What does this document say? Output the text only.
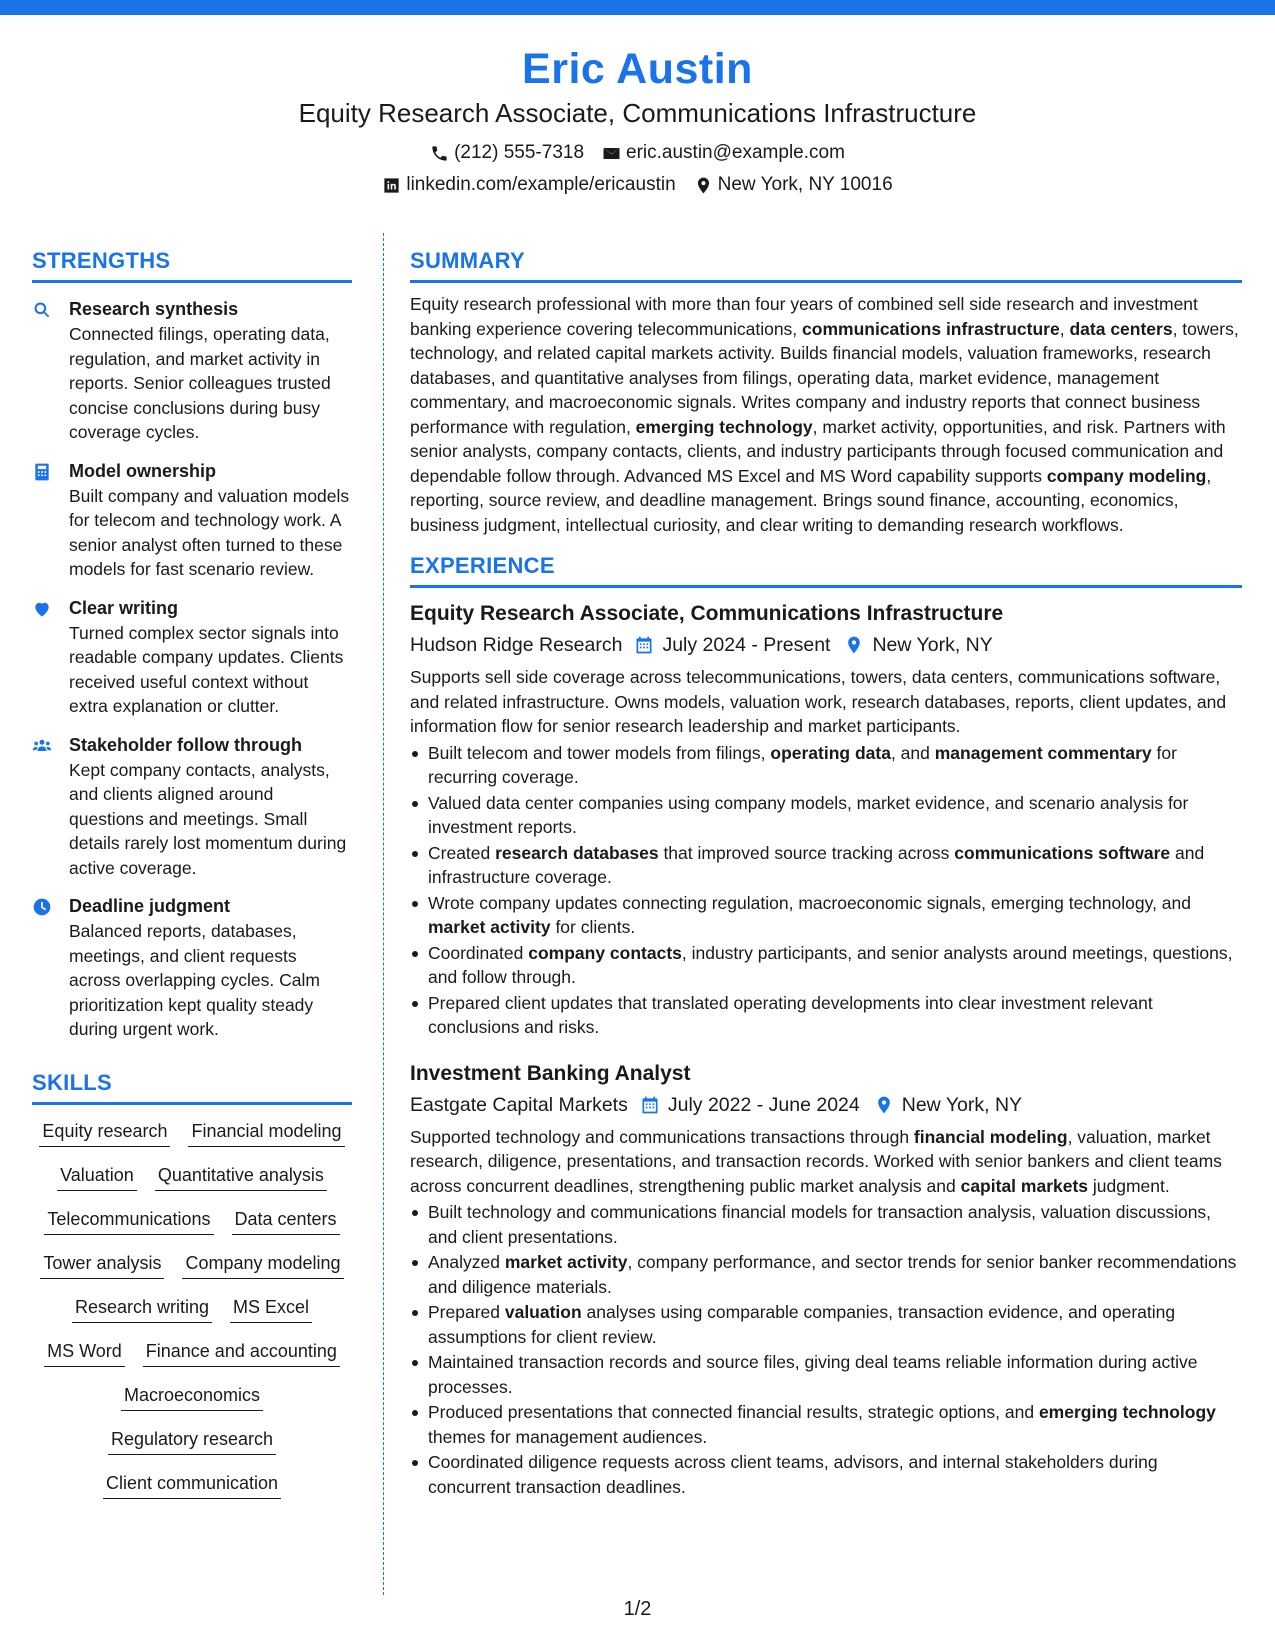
Eric Austin
Equity Research Associate, Communications Infrastructure
(212) 555-7318 eric.austin@example.com
linkedin.com/example/ericaustin New York, NY 10016
STRENGTHS
Research synthesis
Connected filings, operating data, regulation, and market activity in reports. Senior colleagues trusted concise conclusions during busy coverage cycles.
Model ownership
Built company and valuation models for telecom and technology work. A senior analyst often turned to these models for fast scenario review.
Clear writing
Turned complex sector signals into readable company updates. Clients received useful context without extra explanation or clutter.
Stakeholder follow through
Kept company contacts, analysts, and clients aligned around questions and meetings. Small details rarely lost momentum during active coverage.
Deadline judgment
Balanced reports, databases, meetings, and client requests across overlapping cycles. Calm prioritization kept quality steady during urgent work.
SKILLS
Equity research Financial modeling
Valuation Quantitative analysis
Telecommunications Data centers
Tower analysis Company modeling
Research writing MS Excel
MS Word Finance and accounting
Macroeconomics
Regulatory research
Client communication
SUMMARY
Equity research professional with more than four years of combined sell side research and investment banking experience covering telecommunications, communications infrastructure, data centers, towers, technology, and related capital markets activity. Builds financial models, valuation frameworks, research databases, and quantitative analyses from filings, operating data, market evidence, management commentary, and macroeconomic signals. Writes company and industry reports that connect business performance with regulation, emerging technology, market activity, opportunities, and risk. Partners with senior analysts, company contacts, clients, and industry participants through focused communication and dependable follow through. Advanced MS Excel and MS Word capability supports company modeling, reporting, source review, and deadline management. Brings sound finance, accounting, economics, business judgment, intellectual curiosity, and clear writing to demanding research workflows.
EXPERIENCE
Equity Research Associate, Communications Infrastructure
Hudson Ridge Research July 2024 - Present New York, NY
Supports sell side coverage across telecommunications, towers, data centers, communications software, and related infrastructure. Owns models, valuation work, research databases, reports, client updates, and information flow for senior research leadership and market participants.
Built telecom and tower models from filings, operating data, and management commentary for recurring coverage.
Valued data center companies using company models, market evidence, and scenario analysis for investment reports.
Created research databases that improved source tracking across communications software and infrastructure coverage.
Wrote company updates connecting regulation, macroeconomic signals, emerging technology, and market activity for clients.
Coordinated company contacts, industry participants, and senior analysts around meetings, questions, and follow through.
Prepared client updates that translated operating developments into clear investment relevant conclusions and risks.
Investment Banking Analyst
Eastgate Capital Markets July 2022 - June 2024 New York, NY
Supported technology and communications transactions through financial modeling, valuation, market research, diligence, presentations, and transaction records. Worked with senior bankers and client teams across concurrent deadlines, strengthening public market analysis and capital markets judgment.
Built technology and communications financial models for transaction analysis, valuation discussions, and client presentations.
Analyzed market activity, company performance, and sector trends for senior banker recommendations and diligence materials.
Prepared valuation analyses using comparable companies, transaction evidence, and operating assumptions for client review.
Maintained transaction records and source files, giving deal teams reliable information during active processes.
Produced presentations that connected financial results, strategic options, and emerging technology themes for management audiences.
Coordinated diligence requests across client teams, advisors, and internal stakeholders during concurrent transaction deadlines.
1/2
